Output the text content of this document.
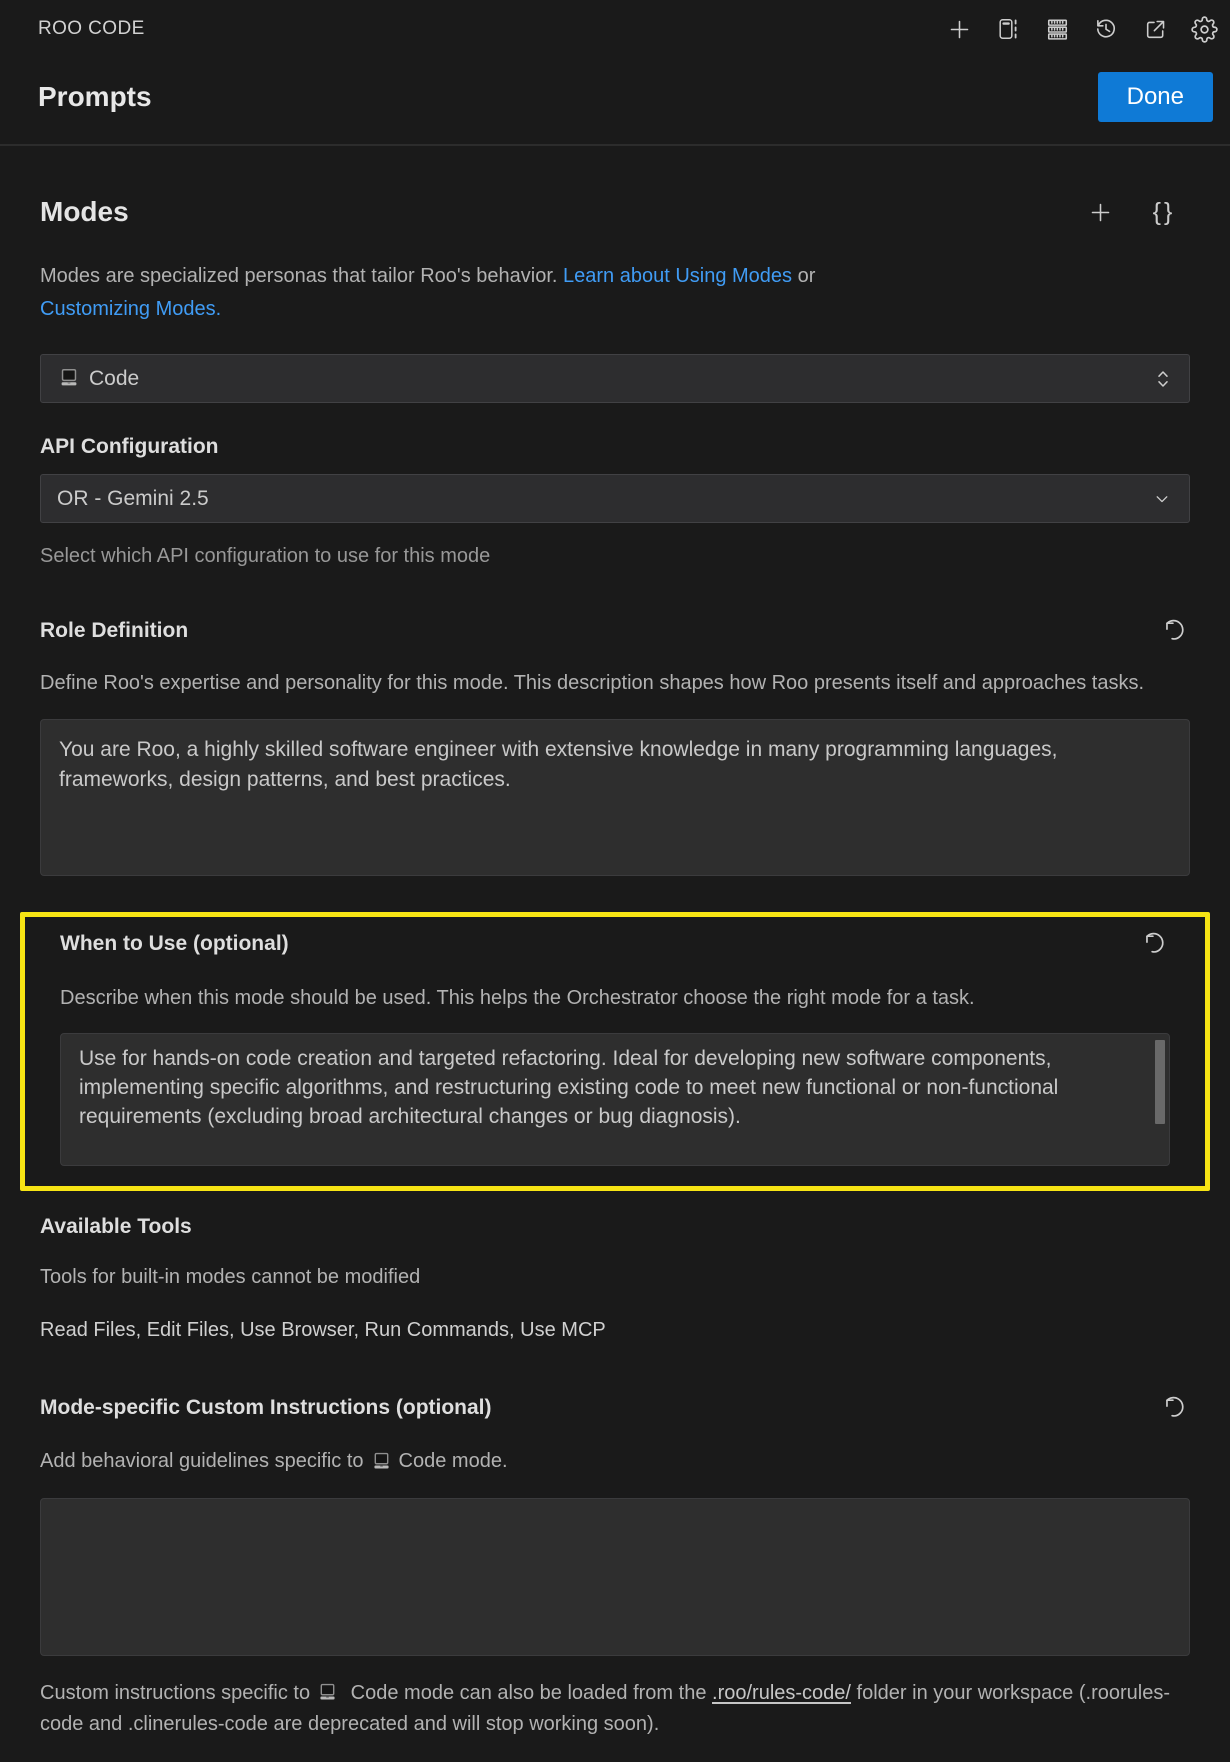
ROO CODE
Prompts	Done
Modes	{}

Modes are specialized personas that tailor Roo's behavior. Learn about Using Modes or
Customizing Modes.

Code
API Configuration
OR - Gemini 2.5

Select which API configuration to use for this mode

Role Definition

Define Roo's expertise and personality for this mode. This description shapes how Roo presents itself and approaches tasks.

You are Roo, a highly skilled software engineer with extensive knowledge in many programming languages, frameworks, design patterns, and best practices.
When to Use (optional)

Describe when this mode should be used. This helps the Orchestrator choose the right mode for a task.

Use for hands-on code creation and targeted refactoring. Ideal for developing new software components, implementing specific algorithms, and restructuring existing code to meet new functional or non-functional requirements (excluding broad architectural changes or bug diagnosis).
Available Tools

Tools for built-in modes cannot be modified

Read Files, Edit Files, Use Browser, Run Commands, Use MCP

Mode-specific Custom Instructions (optional)

Add behavioral guidelines specific to Code mode.

Custom instructions specific to
Code mode can also be loaded from the .roo/rules-code/ folder in your workspace (.roorules-code and .clinerules-code are deprecated and will stop working soon).
